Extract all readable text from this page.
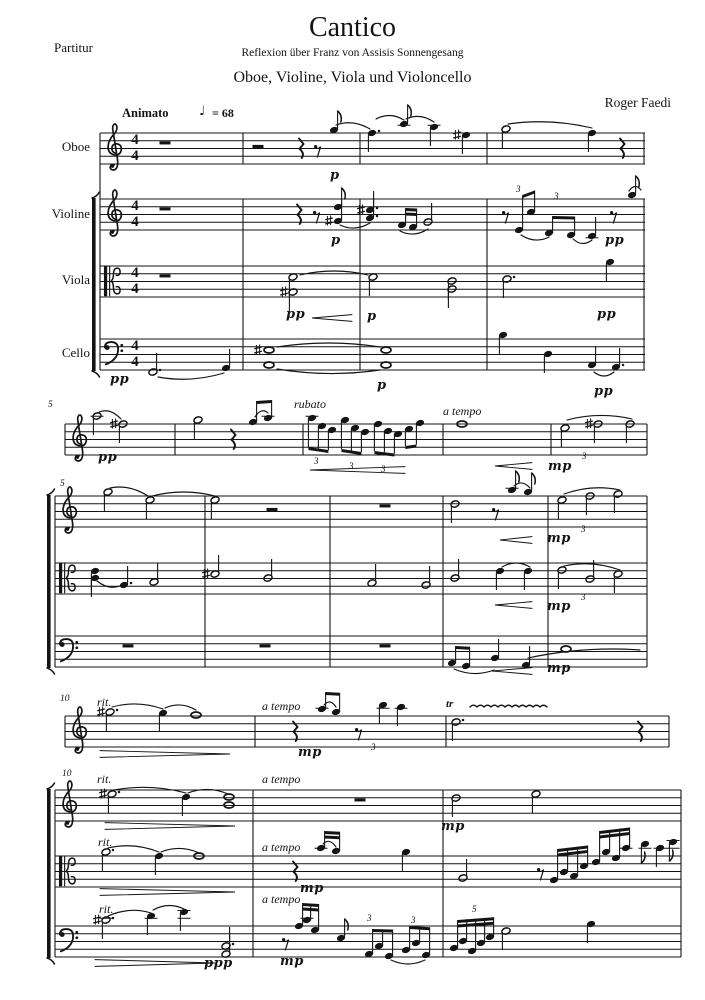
Partitur
Cantico
Reflexion über Franz von Assisis Sonnengesang
Oboe, Violine, Viola und Violoncello
Roger Faedi
Animato ♩ = 68
Oboe
Violine
Viola
Cello
4
4
4
4
4
4
4
4
p
p
pp	p	pp
pp
pp	p	pp
pp
mp
mp
mp
mp
mp
mp
mp
mp
ppp
rubato	a tempo
a tempo
a tempo
a tempo
a tempo
rit.
rit.
rit.
rit.
5
5
10
10
3
3
3	3	3
3
3
3
3
3	3
5
tr
